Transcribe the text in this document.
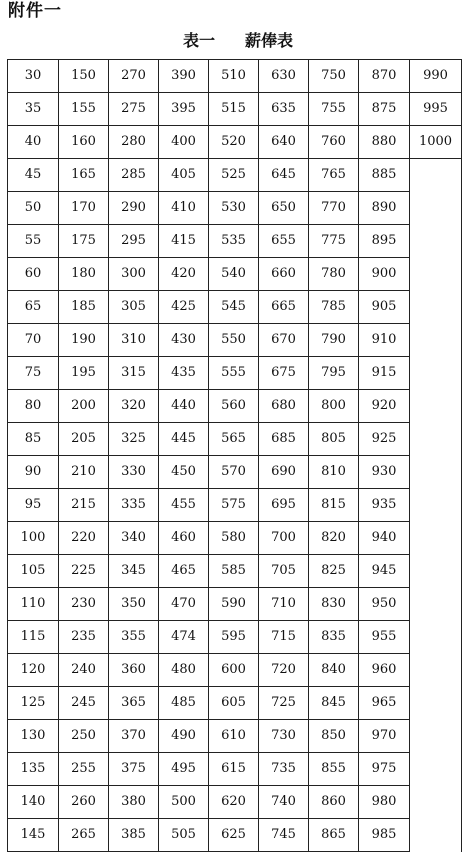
附件一
表一 薪俸表
30	150	270	390	510	630	750	870	990
35	155	275	395	515	635	755	875	995
40	160	280	400	520	640	760	880	1000
45	165	285	405	525	645	765	885	
50	170	290	410	530	650	770	890	
55	175	295	415	535	655	775	895	
60	180	300	420	540	660	780	900	
65	185	305	425	545	665	785	905	
70	190	310	430	550	670	790	910	
75	195	315	435	555	675	795	915	
80	200	320	440	560	680	800	920	
85	205	325	445	565	685	805	925	
90	210	330	450	570	690	810	930	
95	215	335	455	575	695	815	935	
100	220	340	460	580	700	820	940	
105	225	345	465	585	705	825	945	
110	230	350	470	590	710	830	950	
115	235	355	474	595	715	835	955	
120	240	360	480	600	720	840	960	
125	245	365	485	605	725	845	965	
130	250	370	490	610	730	850	970	
135	255	375	495	615	735	855	975	
140	260	380	500	620	740	860	980	
145	265	385	505	625	745	865	985	
